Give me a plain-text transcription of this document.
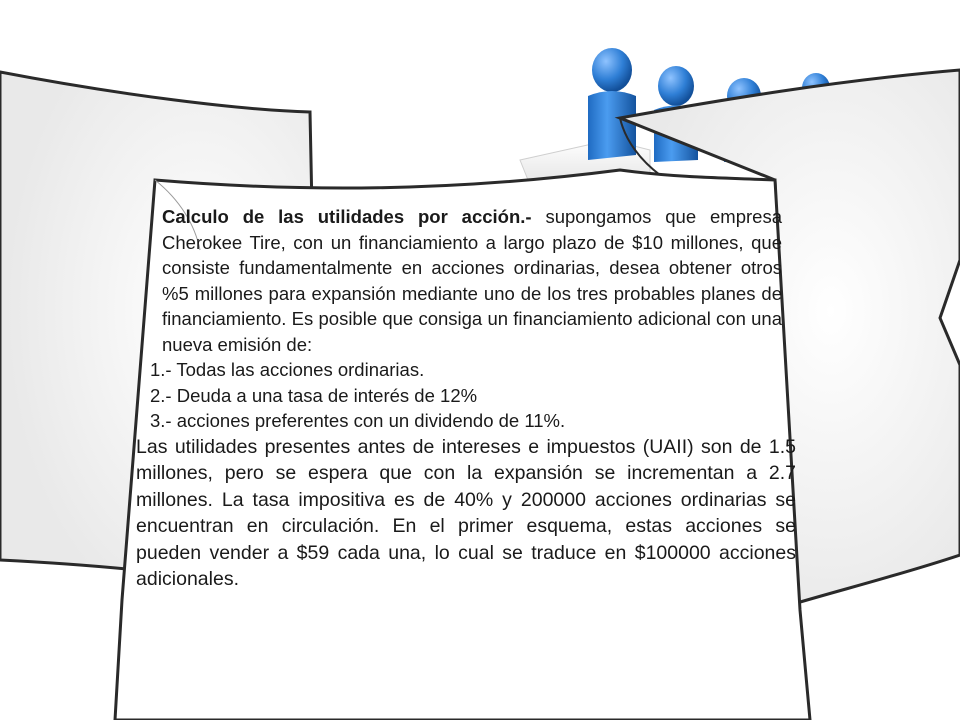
Calculo de las utilidades por acción.- supongamos que empresa Cherokee Tire, con un financiamiento a largo plazo de $10 millones, que consiste fundamentalmente en acciones ordinarias, desea obtener otros %5 millones para expansión mediante uno de los tres probables planes de financiamiento. Es posible que consiga un financiamiento adicional con una nueva emisión de:

1.- Todas las acciones ordinarias.

2.- Deuda a una tasa de interés de 12%

3.- acciones preferentes con un dividendo de 11%.

Las utilidades presentes antes de intereses e impuestos (UAII) son de 1.5 millones, pero se espera que con la expansión se incrementan a 2.7 millones. La tasa impositiva es de 40% y 200000 acciones ordinarias se encuentran en circulación. En el primer esquema, estas acciones se pueden vender a $59 cada una, lo cual se traduce en $100000 acciones adicionales.
